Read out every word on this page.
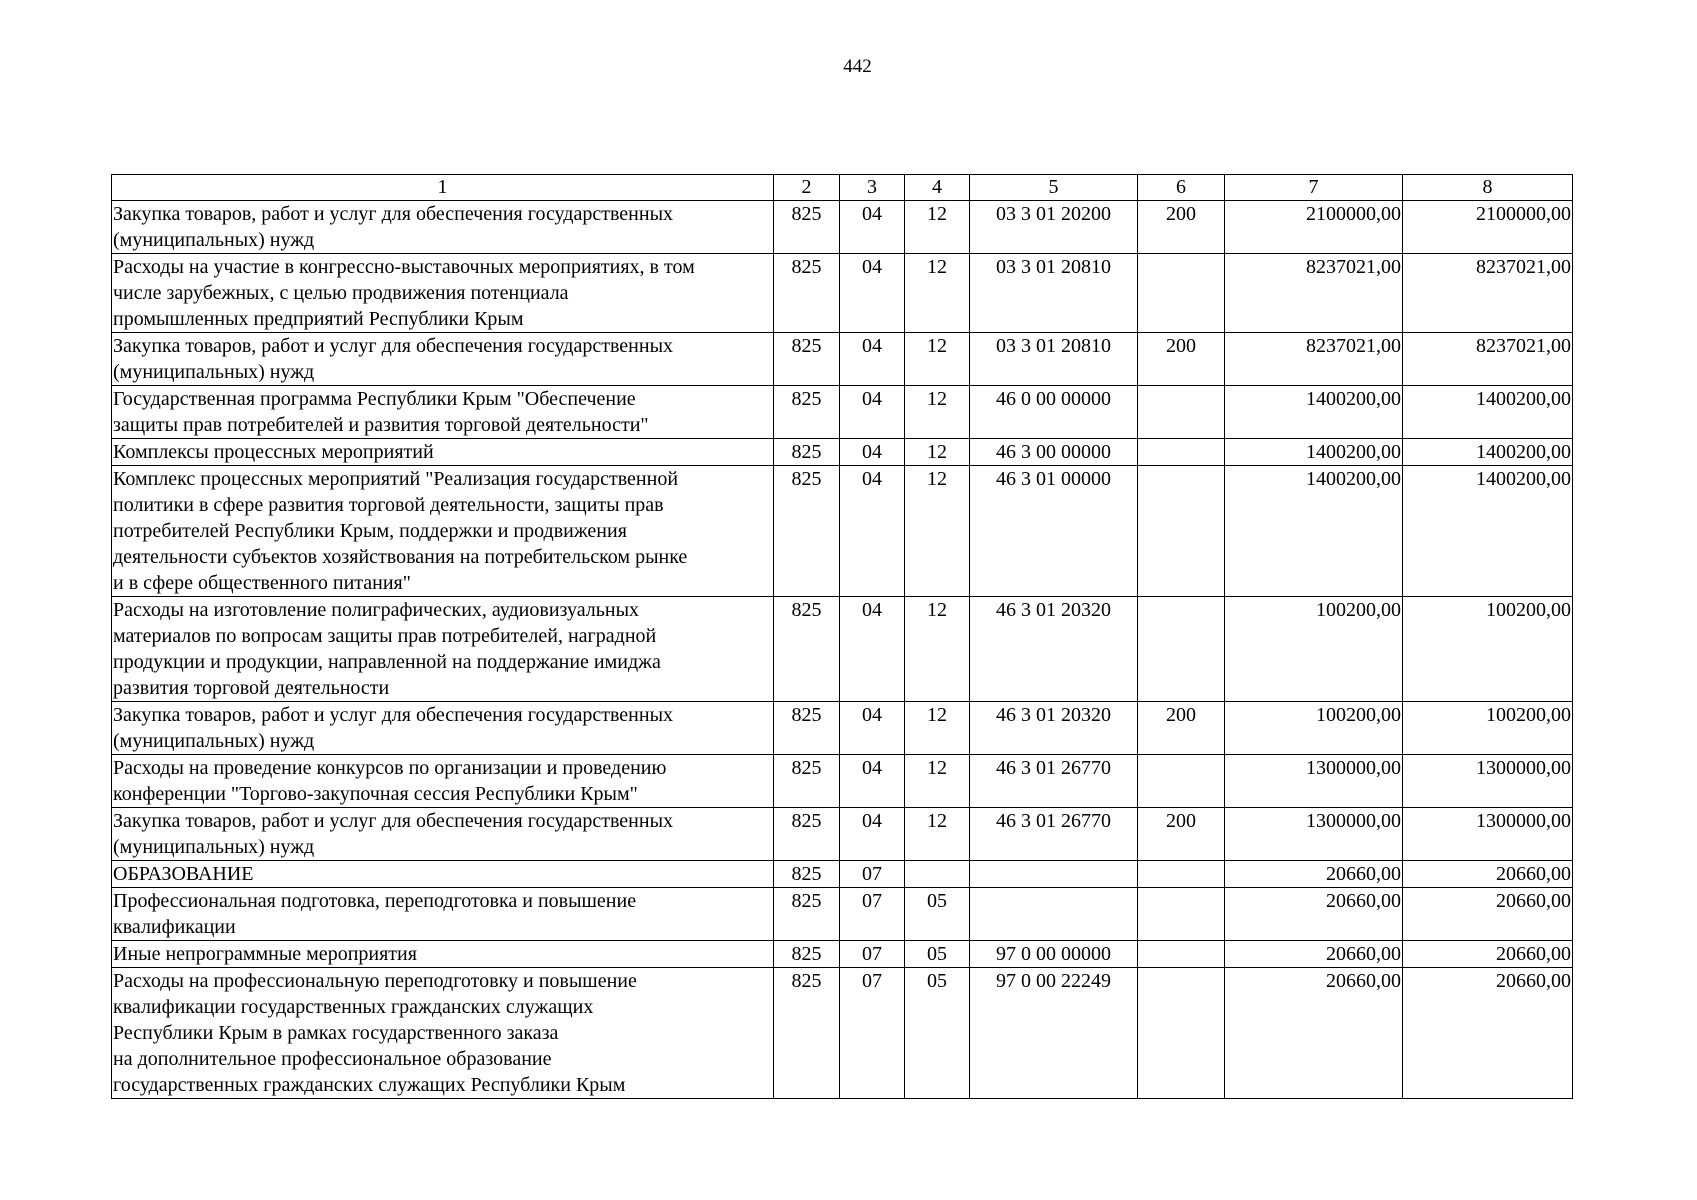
442
1	2	3	4	5	6	7	8
Закупка товаров, работ и услуг для обеспечения государственных
(муниципальных) нужд	825	04	12	03 3 01 20200	200	2100000,00	2100000,00
Расходы на участие в конгрессно-выставочных мероприятиях, в том
числе зарубежных, с целью продвижения потенциала
промышленных предприятий Республики Крым	825	04	12	03 3 01 20810		8237021,00	8237021,00
Закупка товаров, работ и услуг для обеспечения государственных
(муниципальных) нужд	825	04	12	03 3 01 20810	200	8237021,00	8237021,00
Государственная программа Республики Крым "Обеспечение
защиты прав потребителей и развития торговой деятельности"	825	04	12	46 0 00 00000		1400200,00	1400200,00
Комплексы процессных мероприятий	825	04	12	46 3 00 00000		1400200,00	1400200,00
Комплекс процессных мероприятий "Реализация государственной
политики в сфере развития торговой деятельности, защиты прав
потребителей Республики Крым, поддержки и продвижения
деятельности субъектов хозяйствования на потребительском рынке
и в сфере общественного питания"	825	04	12	46 3 01 00000		1400200,00	1400200,00
Расходы на изготовление полиграфических, аудиовизуальных
материалов по вопросам защиты прав потребителей, наградной
продукции и продукции, направленной на поддержание имиджа
развития торговой деятельности	825	04	12	46 3 01 20320		100200,00	100200,00
Закупка товаров, работ и услуг для обеспечения государственных
(муниципальных) нужд	825	04	12	46 3 01 20320	200	100200,00	100200,00
Расходы на проведение конкурсов по организации и проведению
конференции "Торгово-закупочная сессия Республики Крым"	825	04	12	46 3 01 26770		1300000,00	1300000,00
Закупка товаров, работ и услуг для обеспечения государственных
(муниципальных) нужд	825	04	12	46 3 01 26770	200	1300000,00	1300000,00
ОБРАЗОВАНИЕ	825	07				20660,00	20660,00
Профессиональная подготовка, переподготовка и повышение
квалификации	825	07	05			20660,00	20660,00
Иные непрограммные мероприятия	825	07	05	97 0 00 00000		20660,00	20660,00
Расходы на профессиональную переподготовку и повышение
квалификации государственных гражданских служащих
Республики Крым в рамках государственного заказа
на дополнительное профессиональное образование
государственных гражданских служащих Республики Крым	825	07	05	97 0 00 22249		20660,00	20660,00
